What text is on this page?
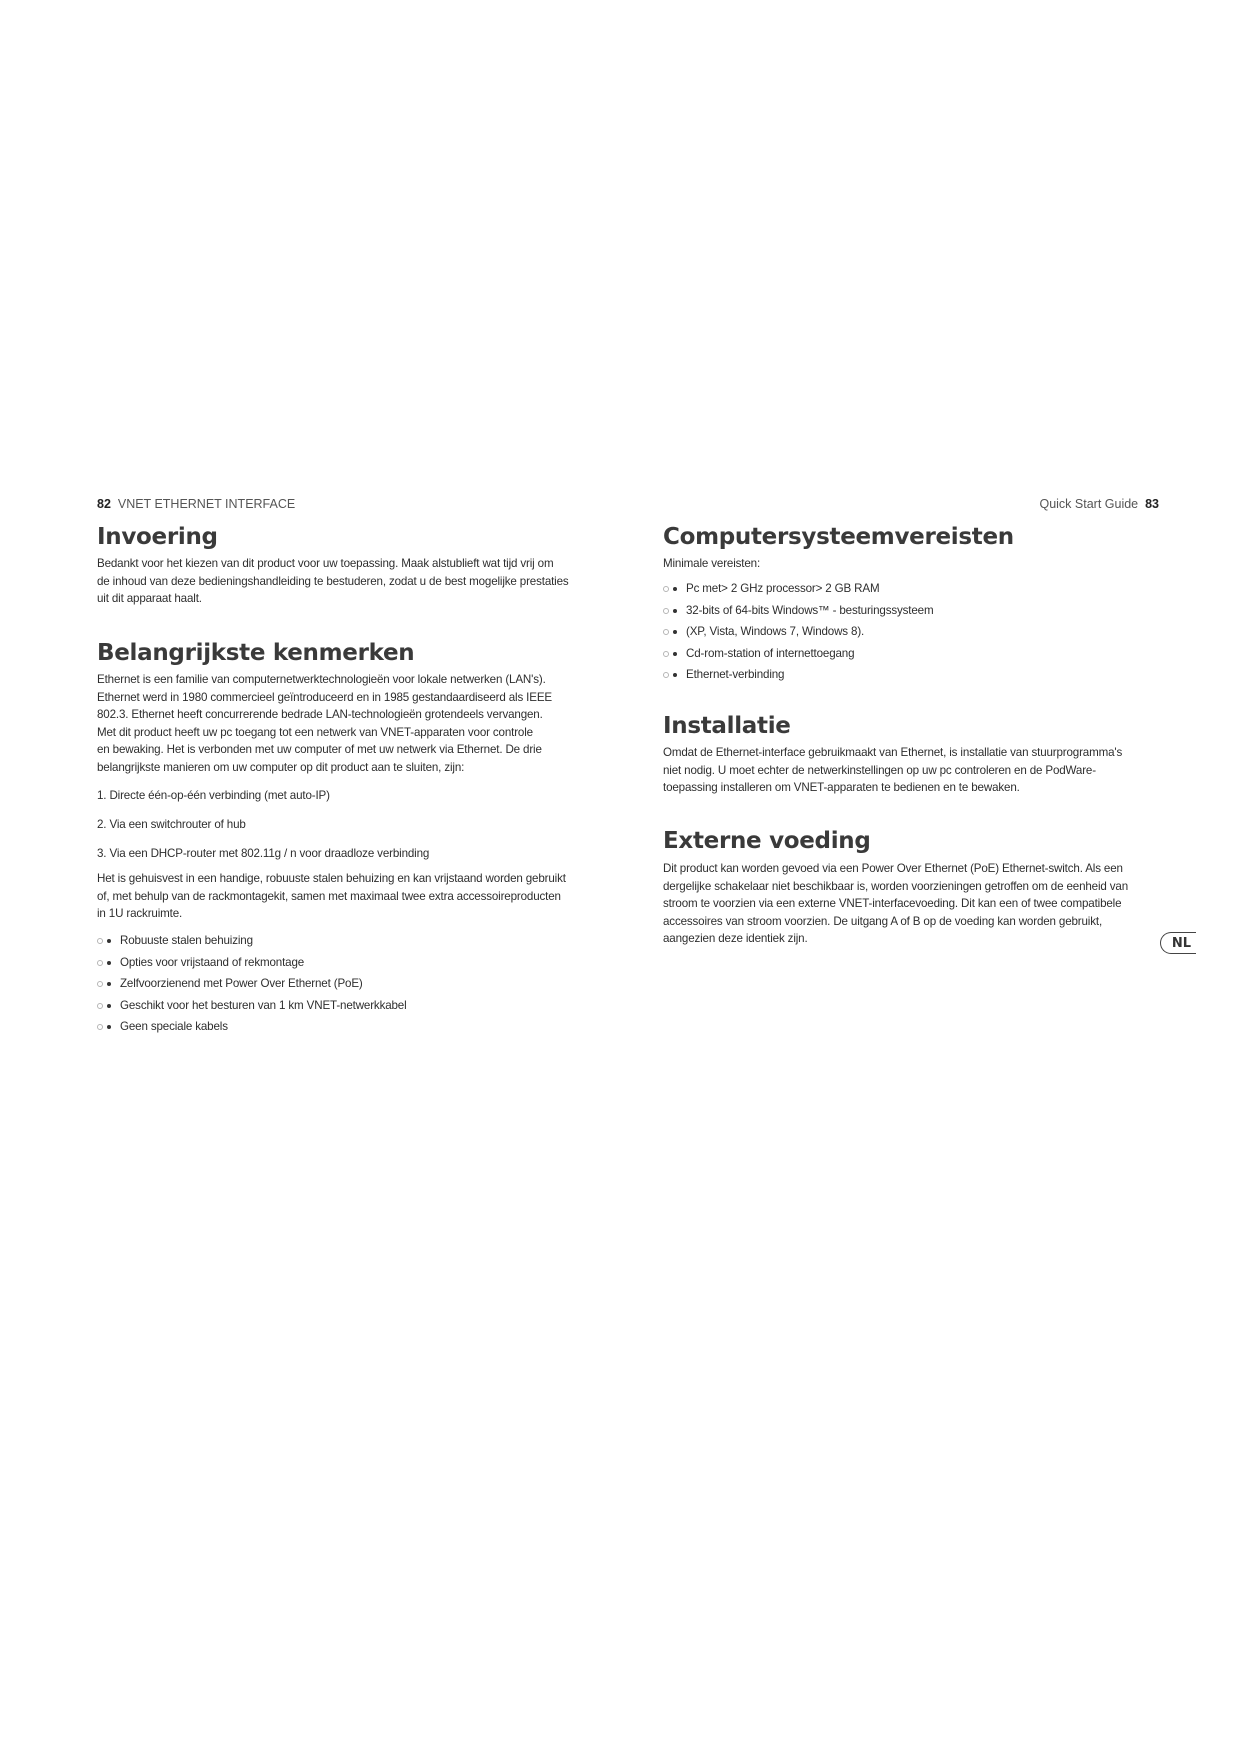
82 VNET ETHERNET INTERFACE
Invoering
Bedankt voor het kiezen van dit product voor uw toepassing. Maak alstublieft wat tijd vrij om
de inhoud van deze bedieningshandleiding te bestuderen, zodat u de best mogelijke prestaties
uit dit apparaat haalt.
Belangrijkste kenmerken
Ethernet is een familie van computernetwerktechnologieën voor lokale netwerken (LAN's).
Ethernet werd in 1980 commercieel geïntroduceerd en in 1985 gestandaardiseerd als IEEE
802.3. Ethernet heeft concurrerende bedrade LAN-technologieën grotendeels vervangen.
Met dit product heeft uw pc toegang tot een netwerk van VNET-apparaten voor controle
en bewaking. Het is verbonden met uw computer of met uw netwerk via Ethernet. De drie
belangrijkste manieren om uw computer op dit product aan te sluiten, zijn:
1. Directe één-op-één verbinding (met auto-IP)
2. Via een switchrouter of hub
3. Via een DHCP-router met 802.11g / n voor draadloze verbinding
Het is gehuisvest in een handige, robuuste stalen behuizing en kan vrijstaand worden gebruikt
of, met behulp van de rackmontagekit, samen met maximaal twee extra accessoireproducten
in 1U rackruimte.
Robuuste stalen behuizing
Opties voor vrijstaand of rekmontage
Zelfvoorzienend met Power Over Ethernet (PoE)
Geschikt voor het besturen van 1 km VNET-netwerkkabel
Geen speciale kabels
Quick Start Guide 83
Computersysteemvereisten
Minimale vereisten:
Pc met> 2 GHz processor> 2 GB RAM
32-bits of 64-bits Windows™ - besturingssysteem
(XP, Vista, Windows 7, Windows 8).
Cd-rom-station of internettoegang
Ethernet-verbinding
Installatie
Omdat de Ethernet-interface gebruikmaakt van Ethernet, is installatie van stuurprogramma's
niet nodig. U moet echter de netwerkinstellingen op uw pc controleren en de PodWare-
toepassing installeren om VNET-apparaten te bedienen en te bewaken.
Externe voeding
Dit product kan worden gevoed via een Power Over Ethernet (PoE) Ethernet-switch. Als een
dergelijke schakelaar niet beschikbaar is, worden voorzieningen getroffen om de eenheid van
stroom te voorzien via een externe VNET-interfacevoeding. Dit kan een of twee compatibele
accessoires van stroom voorzien. De uitgang A of B op de voeding kan worden gebruikt,
aangezien deze identiek zijn.	NL
